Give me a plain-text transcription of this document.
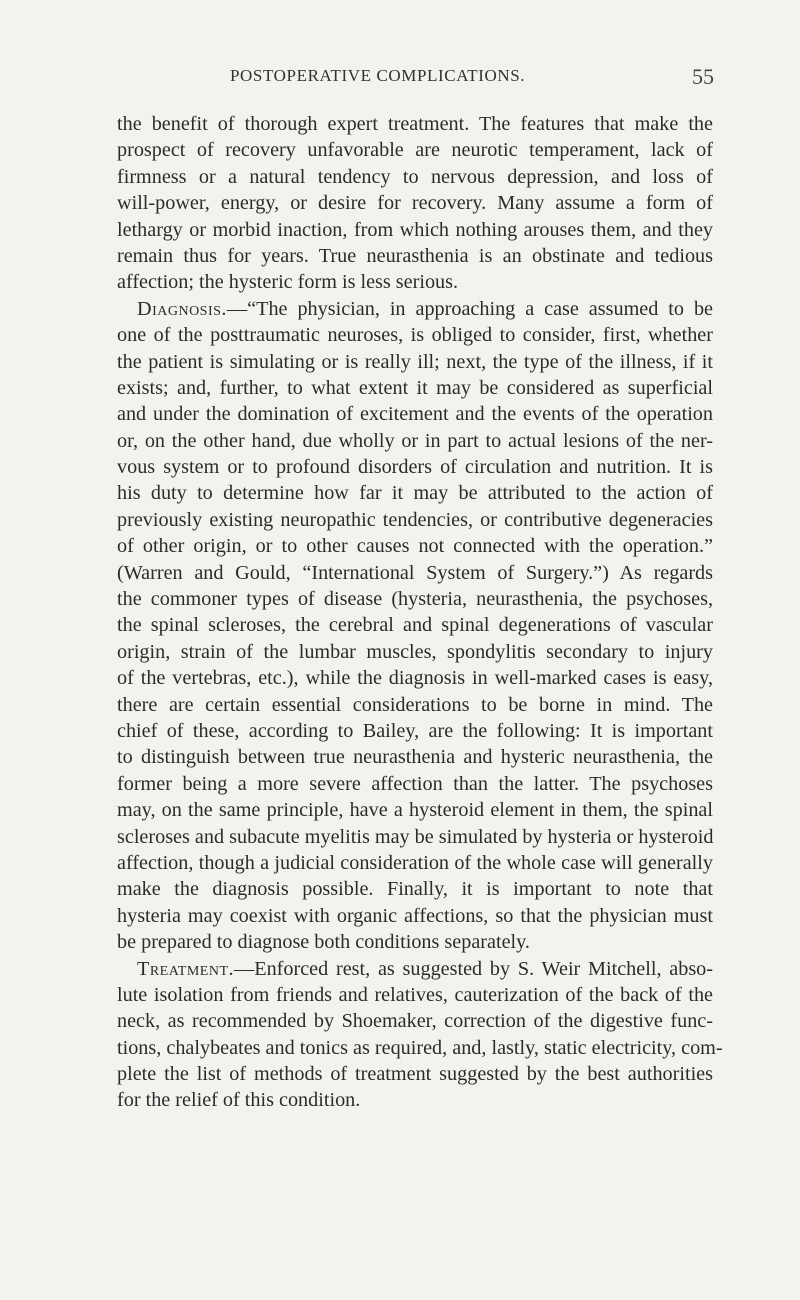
POSTOPERATIVE COMPLICATIONS.	55
the benefit of thorough expert treatment. The features that make the
prospect of recovery unfavorable are neurotic temperament, lack of
firmness or a natural tendency to nervous depression, and loss of
will-power, energy, or desire for recovery. Many assume a form of
lethargy or morbid inaction, from which nothing arouses them, and they
remain thus for years. True neurasthenia is an obstinate and tedious
affection; the hysteric form is less serious.
Diagnosis.—“The physician, in approaching a case assumed to be
one of the posttraumatic neuroses, is obliged to consider, first, whether
the patient is simulating or is really ill; next, the type of the illness, if it
exists; and, further, to what extent it may be considered as superficial
and under the domination of excitement and the events of the operation
or, on the other hand, due wholly or in part to actual lesions of the ner-
vous system or to profound disorders of circulation and nutrition. It is
his duty to determine how far it may be attributed to the action of
previously existing neuropathic tendencies, or contributive degeneracies
of other origin, or to other causes not connected with the operation.”
(Warren and Gould, “International System of Surgery.”) As regards
the commoner types of disease (hysteria, neurasthenia, the psychoses,
the spinal scleroses, the cerebral and spinal degenerations of vascular
origin, strain of the lumbar muscles, spondylitis secondary to injury
of the vertebras, etc.), while the diagnosis in well-marked cases is easy,
there are certain essential considerations to be borne in mind. The
chief of these, according to Bailey, are the following: It is important
to distinguish between true neurasthenia and hysteric neurasthenia, the
former being a more severe affection than the latter. The psychoses
may, on the same principle, have a hysteroid element in them, the spinal
scleroses and subacute myelitis may be simulated by hysteria or hysteroid
affection, though a judicial consideration of the whole case will generally
make the diagnosis possible. Finally, it is important to note that
hysteria may coexist with organic affections, so that the physician must
be prepared to diagnose both conditions separately.
Treatment.—Enforced rest, as suggested by S. Weir Mitchell, abso-
lute isolation from friends and relatives, cauterization of the back of the
neck, as recommended by Shoemaker, correction of the digestive func-
tions, chalybeates and tonics as required, and, lastly, static electricity, com-
plete the list of methods of treatment suggested by the best authorities
for the relief of this condition.
